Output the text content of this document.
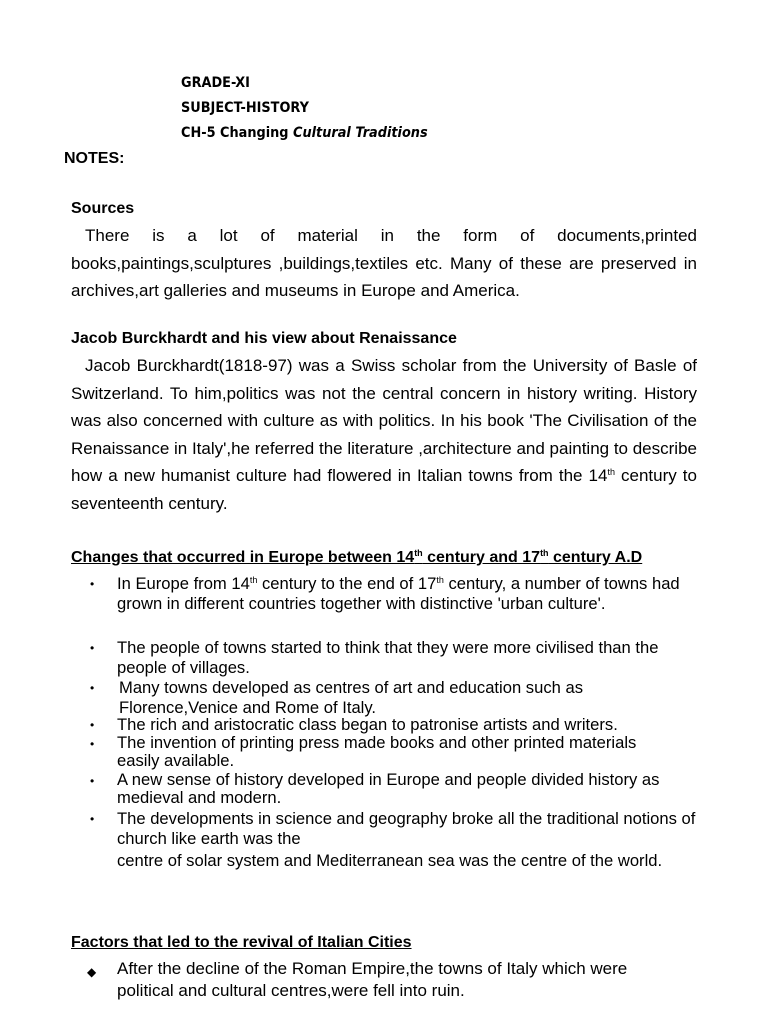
GRADE-XI
SUBJECT-HISTORY
CH-5 Changing Cultural Traditions
NOTES:
Sources
There is a lot of material in the form of documents,printed books,paintings,sculptures ,buildings,textiles etc. Many of these are preserved in archives,art galleries and museums in Europe and America.
Jacob Burckhardt and his view about Renaissance
Jacob Burckhardt(1818-97) was a Swiss scholar from the University of Basle of Switzerland. To him,politics was not the central concern in history writing. History was also concerned with culture as with politics. In his book 'The Civilisation of the Renaissance in Italy',he referred the literature ,architecture and painting to describe how a new humanist culture had flowered in Italian towns from the 14th century to seventeenth century.
Changes that occurred in Europe between 14th century and 17th century A.D
• In Europe from 14th century to the end of 17th century, a number of towns had grown in different countries together with distinctive 'urban culture'.
• The people of towns started to think that they were more civilised than the people of villages.
• Many towns developed as centres of art and education such as Florence,Venice and Rome of Italy.
• The rich and aristocratic class began to patronise artists and writers.
• The invention of printing press made books and other printed materials easily available.
• A new sense of history developed in Europe and people divided history as medieval and modern.
• The developments in science and geography broke all the traditional notions of church like earth was the
centre of solar system and Mediterranean sea was the centre of the world.
Factors that led to the revival of Italian Cities
◆ After the decline of the Roman Empire,the towns of Italy which were political and cultural centres,were fell into ruin.
